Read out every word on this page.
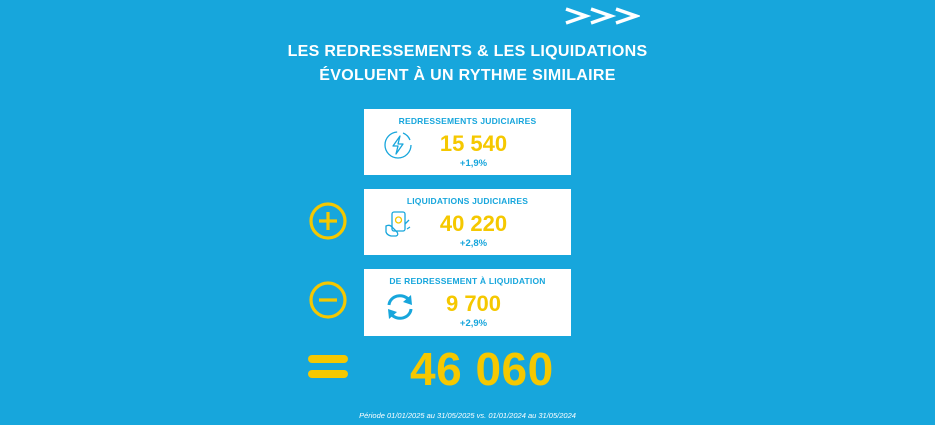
LES REDRESSEMENTS & LES LIQUIDATIONS
ÉVOLUENT À UN RYTHME SIMILAIRE
REDRESSEMENTS JUDICIAIRES
15 540
+1,9%
LIQUIDATIONS JUDICIAIRES
40 220
+2,8%
DE REDRESSEMENT À LIQUIDATION
9 700
+2,9%
46 060
Période 01/01/2025 au 31/05/2025 vs. 01/01/2024 au 31/05/2024
